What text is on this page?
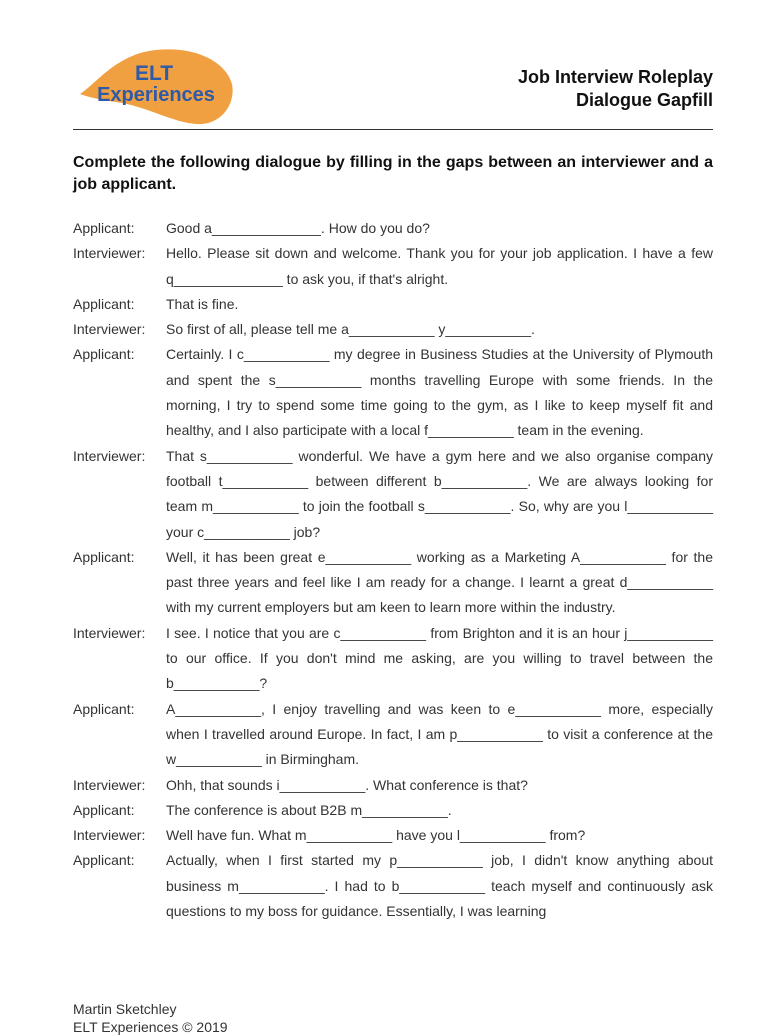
ELT
Experiences
Job Interview Roleplay
Dialogue Gapfill
Complete the following dialogue by filling in the gaps between an interviewer and a job applicant.
Applicant:	Good a______________. How do you do?
Interviewer:	Hello. Please sit down and welcome. Thank you for your job application. I have a few q______________ to ask you, if that's alright.
Applicant:	That is fine.
Interviewer:	So first of all, please tell me a___________ y___________.
Applicant:	Certainly. I c___________ my degree in Business Studies at the University of Plymouth and spent the s___________ months travelling Europe with some friends. In the morning, I try to spend some time going to the gym, as I like to keep myself fit and healthy, and I also participate with a local f___________ team in the evening.
Interviewer:	That s___________ wonderful. We have a gym here and we also organise company football t___________ between different b___________. We are always looking for team m___________ to join the football s___________. So, why are you l___________ your c___________ job?
Applicant:	Well, it has been great e___________ working as a Marketing A___________ for the past three years and feel like I am ready for a change. I learnt a great d___________ with my current employers but am keen to learn more within the industry.
Interviewer:	I see. I notice that you are c___________ from Brighton and it is an hour j___________ to our office. If you don't mind me asking, are you willing to travel between the b___________?
Applicant:	A___________, I enjoy travelling and was keen to e___________ more, especially when I travelled around Europe. In fact, I am p___________ to visit a conference at the w___________ in Birmingham.
Interviewer:	Ohh, that sounds i___________. What conference is that?
Applicant:	The conference is about B2B m___________.
Interviewer:	Well have fun. What m___________ have you l___________ from?
Applicant:	Actually, when I first started my p___________ job, I didn't know anything about business m___________. I had to b___________ teach myself and continuously ask questions to my boss for guidance. Essentially, I was learning
Martin Sketchley
ELT Experiences © 2019
